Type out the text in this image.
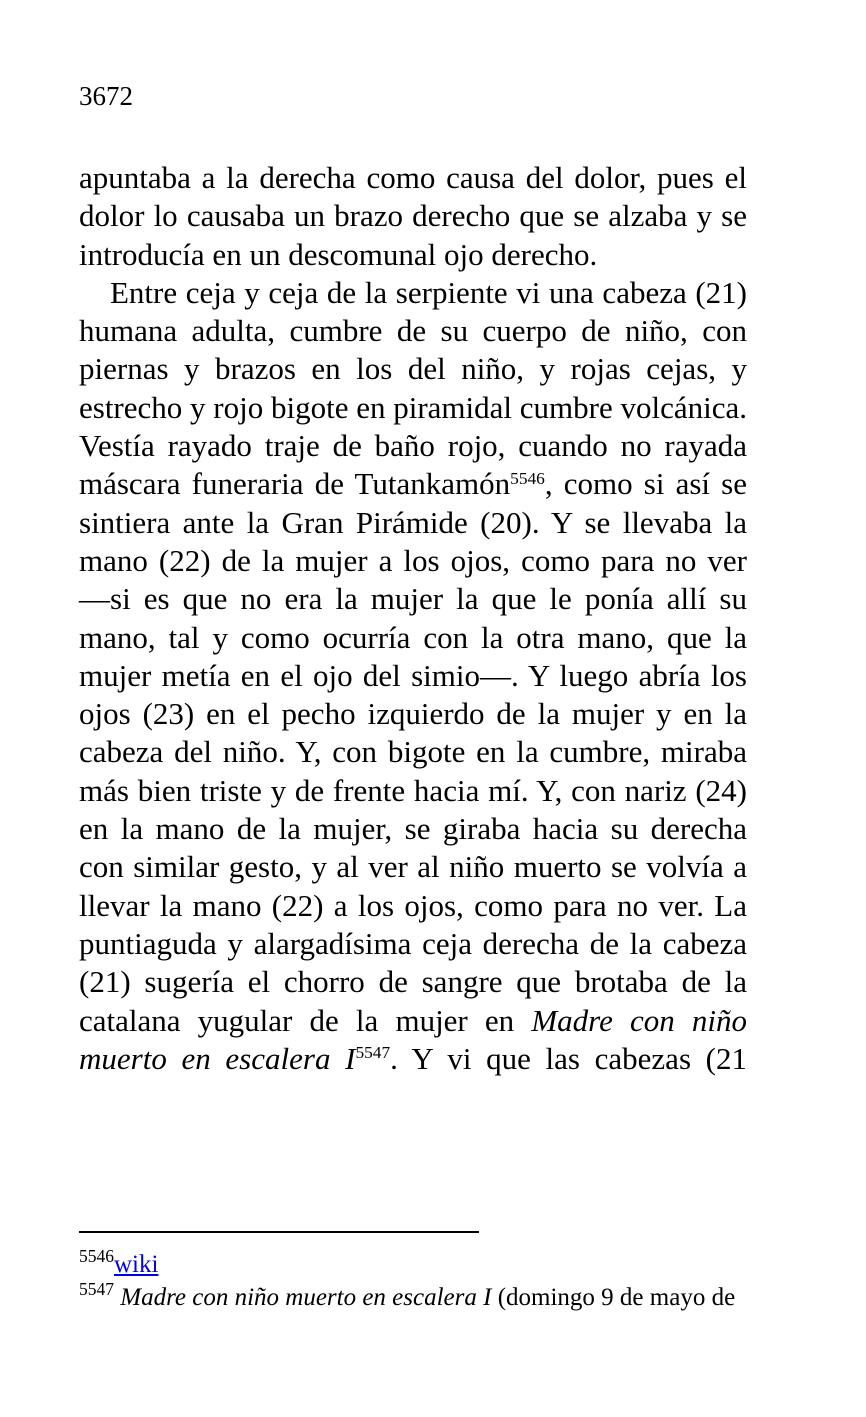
3672

apuntaba a la derecha como causa del dolor, pues el dolor lo causaba un brazo derecho que se alzaba y se introducía en un descomunal ojo derecho.

Entre ceja y ceja de la serpiente vi una cabeza (21) humana adulta, cumbre de su cuerpo de niño, con piernas y brazos en los del niño, y rojas cejas, y estrecho y rojo bigote en piramidal cumbre volcánica. Vestía rayado traje de baño rojo, cuando no rayada máscara funeraria de Tutankamón$^{5546}$, como si así se sintiera ante la Gran Pirámide (20). Y se llevaba la mano (22) de la mujer a los ojos, como para no ver —si es que no era la mujer la que le ponía allí su mano, tal y como ocurría con la otra mano, que la mujer metía en el ojo del simio—. Y luego abría los ojos (23) en el pecho izquierdo de la mujer y en la cabeza del niño. Y, con bigote en la cumbre, miraba más bien triste y de frente hacia mí. Y, con nariz (24) en la mano de la mujer, se giraba hacia su derecha con similar gesto, y al ver al niño muerto se volvía a llevar la mano (22) a los ojos, como para no ver. La puntiaguda y alargadísima ceja derecha de la cabeza (21) sugería el chorro de sangre que brotaba de la catalana yugular de la mujer en Madre con niño muerto en escalera $I^{5547}$. Y vi que las cabezas (21

$^{5546}$wiki
$^{5547}$ Madre con niño muerto en escalera I (domingo 9 de mayo de
